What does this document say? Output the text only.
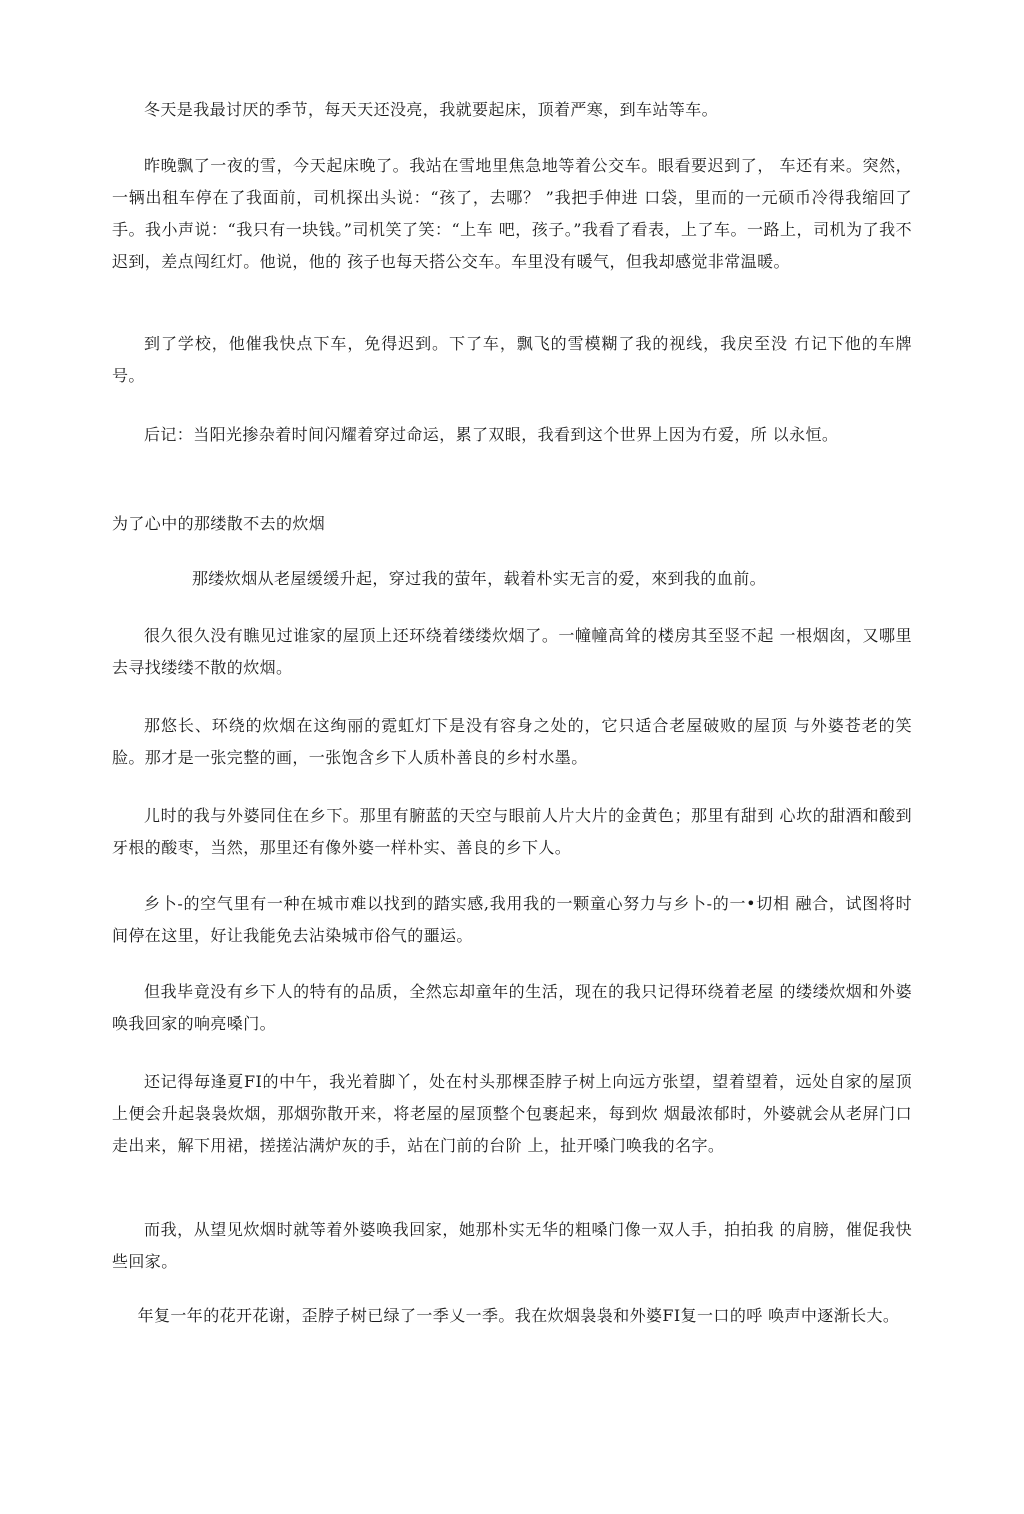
冬天是我最讨厌的季节，每天天还没亮，我就要起床，顶着严寒，到车站等车。

昨晚飘了一夜的雪，今天起床晚了。我站在雪地里焦急地等着公交车。眼看要迟到了， 车还有来。突然，一辆出租车停在了我面前，司机探出头说：“孩了，去哪？ ”我把手伸进 口袋，里而的一元硕币冷得我缩回了手。我小声说：“我只有一块钱。”司机笑了笑：“上车 吧，孩子。”我看了看表，上了车。一路上，司机为了我不迟到，差点闯红灯。他说，他的 孩子也每天搭公交车。车里没有暖气，但我却感觉非常温暖。

到了学校，他催我快点下车，免得迟到。下了车，飘飞的雪模糊了我的视线，我戻至没 冇记下他的车牌号。

后记：当阳光掺杂着时间闪耀着穿过命运，累了双眼，我看到这个世界上因为冇爱，所 以永恒。

为了心中的那缕散不去的炊烟

那缕炊烟从老屋缓缓升起，穿过我的萤年，载着朴实无言的爱，來到我的血前。

很久很久没有瞧见过谁家的屋顶上还环绕着缕缕炊烟了。一幢幢高耸的楼房其至竖不起 一根烟囱，又哪里去寻找缕缕不散的炊烟。

那悠长、环绕的炊烟在这绚丽的霓虹灯下是没有容身之处的，它只适合老屋破败的屋顶 与外婆苍老的笑脸。那才是一张完整的画，一张饱含乡下人质朴善良的乡村水墨。

儿时的我与外婆同住在乡下。那里有腑蓝的天空与眼前人片大片的金黄色；那里有甜到 心坎的甜酒和酸到牙根的酸枣，当然，那里还有像外婆一样朴实、善良的乡下人。

乡卜-的空气里有一种在城市难以找到的踏实感,我用我的一颗童心努力与乡卜-的一•切相 融合，试图将时间停在这里，好让我能免去沾染城市俗气的噩运。

但我毕竟没有乡下人的特有的品质，全然忘却童年的生活，现在的我只记得环绕着老屋 的缕缕炊烟和外婆唤我回家的响亮嗓门。

还记得毎逢夏FI的中午，我光着脚丫，处在村头那棵歪脖子树上向远方张望，望着望着，远处自家的屋顶上便会升起袅袅炊烟，那烟弥散开来，将老屋的屋顶整个包裹起来，每到炊 烟最浓郁时，外婆就会从老屏门口走出来，解下用裙，搓搓沾满炉灰的手，站在门前的台阶 上，扯开嗓门唤我的名字。

而我，从望见炊烟时就等着外婆唤我回家，她那朴实无华的粗嗓门像一双人手，拍拍我 的肩膀，催促我快些回家。

年复一年的花开花谢，歪脖子树已绿了一季乂一季。我在炊烟袅袅和外婆FI复一口的呼 唤声中逐渐长大。
